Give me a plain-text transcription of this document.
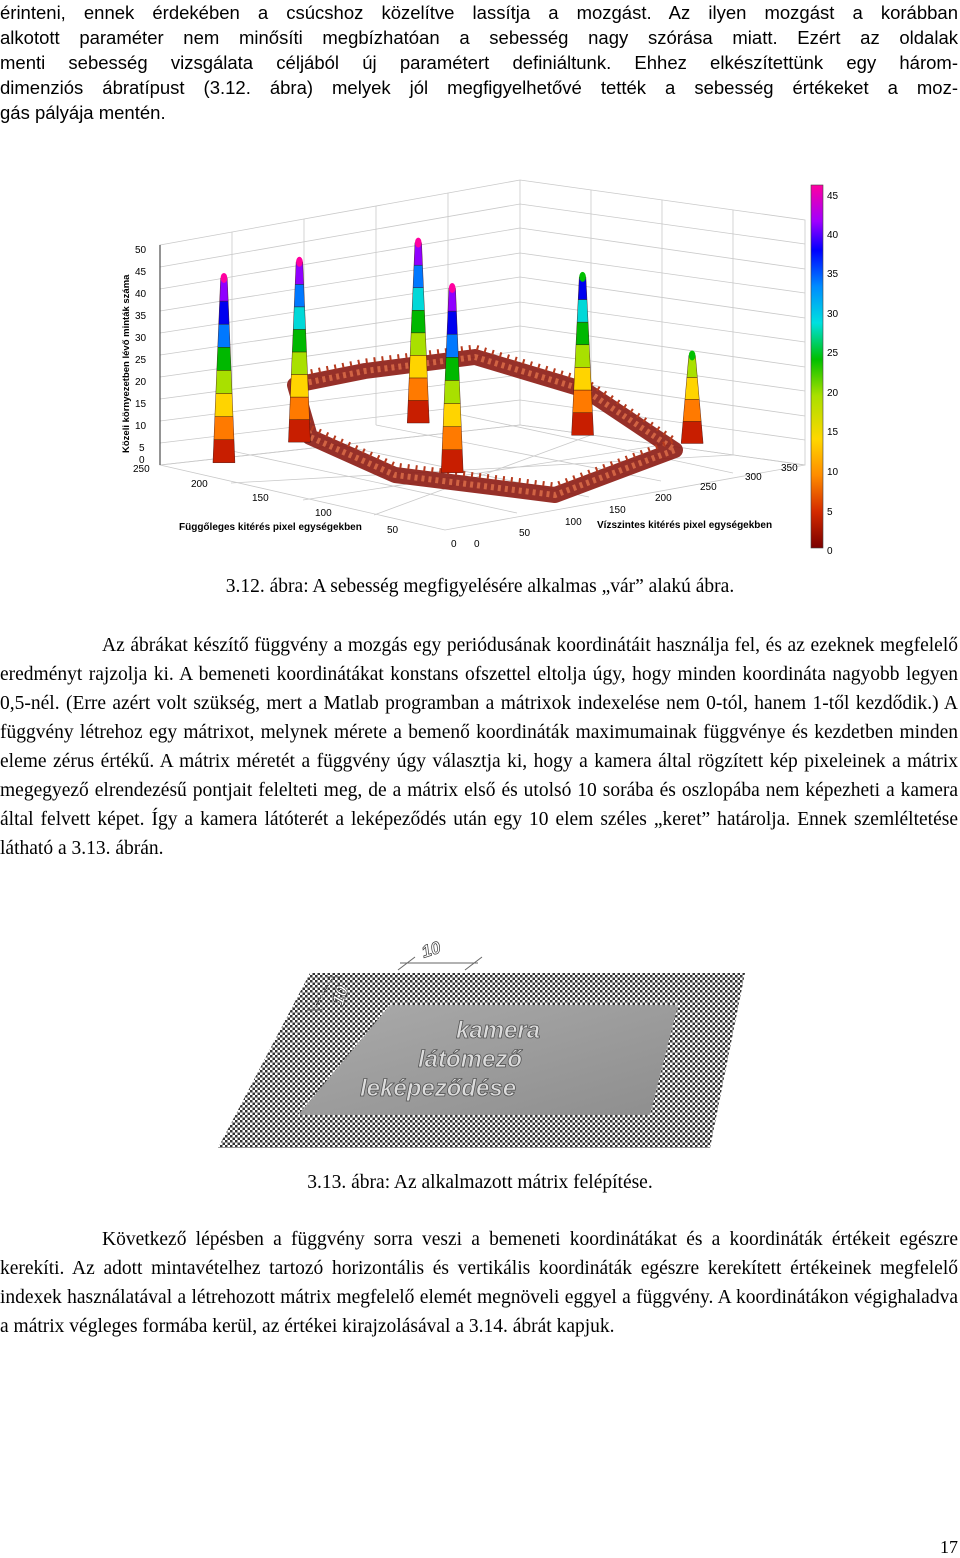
érinteni, ennek érdekében a csúcshoz közelítve lassítja a mozgást. Az ilyen mozgást a korábban
alkotott paraméter nem minősíti megbízhatóan a sebesség nagy szórása miatt. Ezért az oldalak
menti sebesség vizsgálata céljából új paramétert definiáltunk. Ehhez elkészítettünk egy három-
dimenziós ábratípust (3.12. ábra) melyek jól megfigyelhetővé tették a sebesség értékeket a moz-
gás pályája mentén.
50
45
40
35
30
25
20
15
10
5
0
Közeli környezetben lévő minták száma
250
200
150
100
50
0
Függőleges kitérés pixel egységekben
0
50
100
150
200
250
300
350
Vízszintes kitérés pixel egységekben
45
40
35
30
25
20
15
10
5
0
3.12. ábra: A sebesség megfigyelésére alkalmas „vár” alakú ábra.

Az ábrákat készítő függvény a mozgás egy periódusának koordinátáit használja fel, és az ezeknek megfelelő eredményt rajzolja ki. A bemeneti koordinátákat konstans ofszettel eltolja úgy, hogy minden koordináta nagyobb legyen 0,5-nél. (Erre azért volt szükség, mert a Matlab programban a mátrixok indexelése nem 0-tól, hanem 1-től kezdődik.) A függvény létrehoz egy mátrixot, melynek mérete a bemenő koordináták maximumainak függvénye és kezdetben minden eleme zérus értékű. A mátrix méretét a függvény úgy választja ki, hogy a kamera által rögzített kép pixeleinek a mátrix megegyező elrendezésű pontjait felelteti meg, de a mátrix első és utolsó 10 sorába és oszlopába nem képezheti a kamera által felvett képet. Így a kamera látóterét a leképeződés után egy 10 elem széles „keret” határolja. Ennek szemléltetése látható a 3.13. ábrán.

10
10
kamera
látómező
leképeződése
3.13. ábra: Az alkalmazott mátrix felépítése.

Következő lépésben a függvény sorra veszi a bemeneti koordinátákat és a koordináták értékeit egészre kerekíti. Az adott mintavételhez tartozó horizontális és vertikális koordináták egészre kerekített értékeinek megfelelő indexek használatával a létrehozott mátrix megfelelő elemét megnöveli eggyel a függvény. A koordinátákon végighaladva a mátrix végleges formába kerül, az értékei kirajzolásával a 3.14. ábrát kapjuk.

17
